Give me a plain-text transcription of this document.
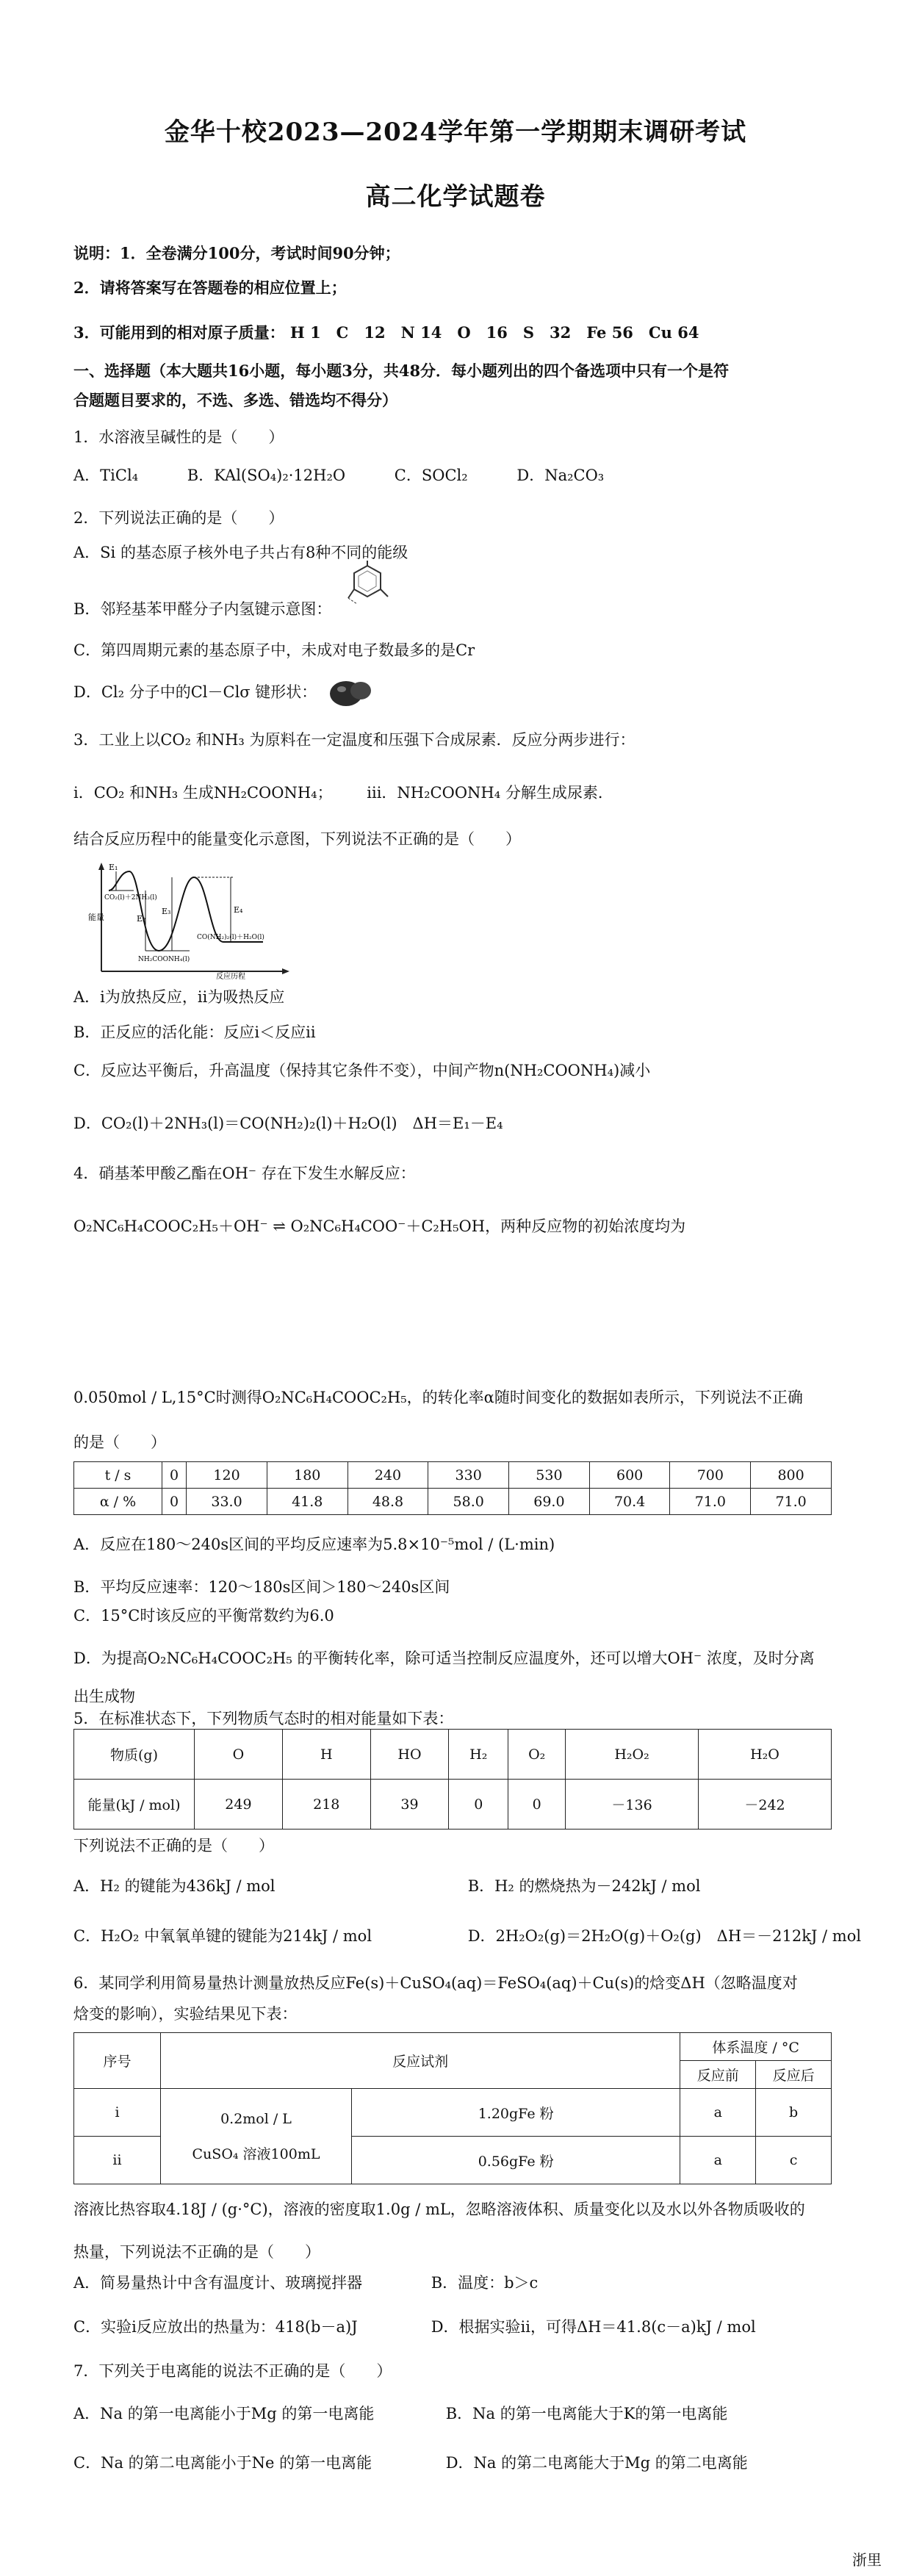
金华十校2023—2024学年第一学期期末调研考试
高二化学试题卷
说明：1．全卷满分100分，考试时间90分钟；
2．请将答案写在答题卷的相应位置上；
3．可能用到的相对原子质量： H 1　C　12　N 14　O　16　S　32　Fe 56　Cu 64
一、选择题（本大题共16小题，每小题3分，共48分．每小题列出的四个备选项中只有一个是符
合题题目要求的，不选、多选、错选均不得分）
1．水溶液呈碱性的是（　　）
A．TiCl₄	B．KAl(SO₄)₂·12H₂O	C．SOCl₂	D．Na₂CO₃
2．下列说法正确的是（　　）
A．Si 的基态原子核外电子共占有8种不同的能级
B．邻羟基苯甲醛分子内氢键示意图：
C．第四周期元素的基态原子中，未成对电子数最多的是Cr
D．Cl₂ 分子中的Cl－Clσ 键形状：
3．工业上以CO₂ 和NH₃ 为原料在一定温度和压强下合成尿素．反应分两步进行：
i．CO₂ 和NH₃ 生成NH₂COONH₄； iii．NH₂COONH₄ 分解生成尿素．
结合反应历程中的能量变化示意图，下列说法不正确的是（　　）
能量
反应历程
E₁
E₂
E₃	E₄
CO₂(l)＋2NH₃(l)
NH₂COONH₄(l)
CO(NH₂)₂(l)＋H₂O(l)
A．i为放热反应，ii为吸热反应
B．正反应的活化能：反应i＜反应ii
C．反应达平衡后，升高温度（保持其它条件不变），中间产物n(NH₂COONH₄)减小
D．CO₂(l)＋2NH₃(l)＝CO(NH₂)₂(l)＋H₂O(l)　ΔH＝E₁－E₄
4．硝基苯甲酸乙酯在OH⁻ 存在下发生水解反应：
O₂NC₆H₄COOC₂H₅＋OH⁻ ⇌ O₂NC₆H₄COO⁻＋C₂H₅OH，两种反应物的初始浓度均为
0.050mol / L,15°C时测得O₂NC₆H₄COOC₂H₅，的转化率α随时间变化的数据如表所示，下列说法不正确
的是（　　）
t / s	0	120	180	240	330	530	600	700	800
α / %	0	33.0	41.8	48.8	58.0	69.0	70.4	71.0	71.0
A．反应在180～240s区间的平均反应速率为5.8×10⁻⁵mol / (L·min)
B．平均反应速率：120～180s区间＞180～240s区间
C．15°C时该反应的平衡常数约为6.0
D．为提高O₂NC₆H₄COOC₂H₅ 的平衡转化率，除可适当控制反应温度外，还可以增大OH⁻ 浓度，及时分离
出生成物
5．在标准状态下，下列物质气态时的相对能量如下表：
物质(g)	O	H	HO	H₂	O₂	H₂O₂	H₂O
能量(kJ / mol)	249	218	39	0	0	－136	－242
下列说法不正确的是（　　）
A．H₂ 的键能为436kJ / mol	B．H₂ 的燃烧热为－242kJ / mol
C．H₂O₂ 中氧氧单键的键能为214kJ / mol	D．2H₂O₂(g)＝2H₂O(g)＋O₂(g)　ΔH＝－212kJ / mol
6．某同学利用简易量热计测量放热反应Fe(s)＋CuSO₄(aq)＝FeSO₄(aq)＋Cu(s)的焓变ΔH（忽略温度对
焓变的影响），实验结果见下表：
序号	反应试剂		体系温度 / °C	
			反应前	反应后
i	0.2mol / L
CuSO₄ 溶液100mL	1.20gFe 粉	a	b
ii		0.56gFe 粉	a	c
溶液比热容取4.18J / (g·°C)，溶液的密度取1.0g / mL，忽略溶液体积、质量变化以及水以外各物质吸收的
热量，下列说法不正确的是（　　）
A．简易量热计中含有温度计、玻璃搅拌器	B．温度：b＞c
C．实验i反应放出的热量为：418(b－a)J	D．根据实验ii，可得ΔH＝41.8(c－a)kJ / mol
7．下列关于电离能的说法不正确的是（　　）
A．Na 的第一电离能小于Mg 的第一电离能	B．Na 的第一电离能大于K的第一电离能
C．Na 的第二电离能小于Ne 的第一电离能	D．Na 的第二电离能大于Mg 的第二电离能
浙里
